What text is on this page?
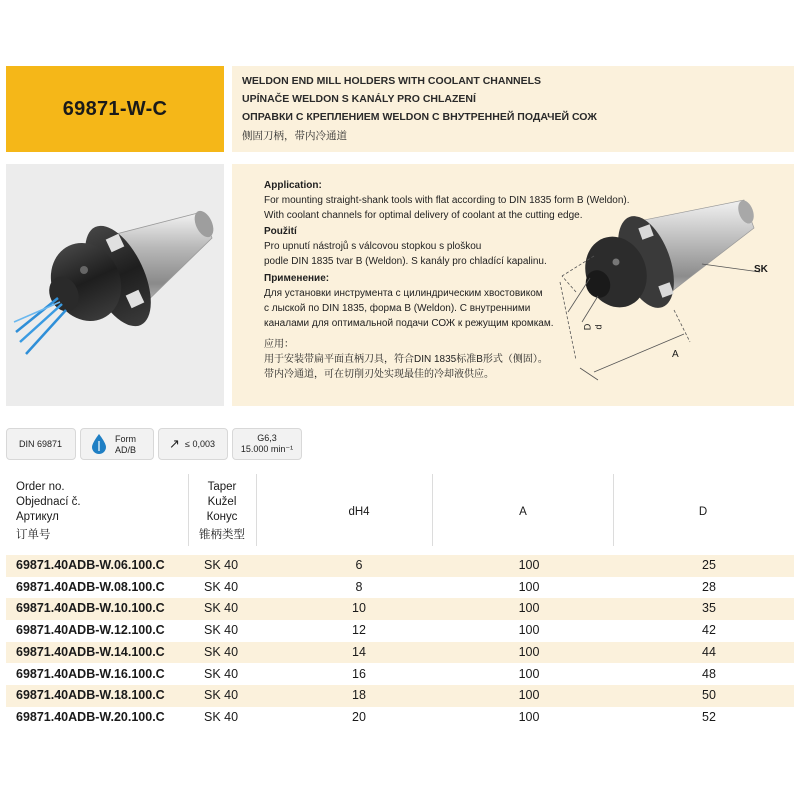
69871-W-C
WELDON END MILL HOLDERS WITH COOLANT CHANNELS
UPÍNAČE WELDON S KANÁLY PRO CHLAZENÍ
ОПРАВКИ С КРЕПЛЕНИЕМ WELDON С ВНУТРЕННЕЙ ПОДАЧЕЙ СОЖ
侧固刀柄，带内冷通道
Application:
For mounting straight-shank tools with flat according to DIN 1835 form B (Weldon).
With coolant channels for optimal delivery of coolant at the cutting edge.
Použití
Pro upnutí nástrojů s válcovou stopkou s ploškou
podle DIN 1835 tvar B (Weldon). S kanály pro chladící kapalinu.
Применение:
Для установки инструмента с цилиндрическим хвостовиком
с лыской по DIN 1835, форма B (Weldon). С внутренними
каналами для оптимальной подачи СОЖ к режущим кромкам.
应用：
用于安装带扁平面直柄刀具，符合DIN 1835标准B形式（侧固）。
带内冷通道，可在切削刃处实现最佳的冷却液供应。
SK
A
D d
DIN 69871	Form
AD/B	↗ ≤ 0,003
G6,3
15.000 min⁻¹
Order no.
Objednací č.
Артикул
订单号
Taper
Kužel
Конус
锥柄类型
dH4	A	D
69871.40ADB-W.06.100.C	SK 40	6	100	25
69871.40ADB-W.08.100.C	SK 40	8	100	28
69871.40ADB-W.10.100.C	SK 40	10	100	35
69871.40ADB-W.12.100.C	SK 40	12	100	42
69871.40ADB-W.14.100.C	SK 40	14	100	44
69871.40ADB-W.16.100.C	SK 40	16	100	48
69871.40ADB-W.18.100.C	SK 40	18	100	50
69871.40ADB-W.20.100.C	SK 40	20	100	52
